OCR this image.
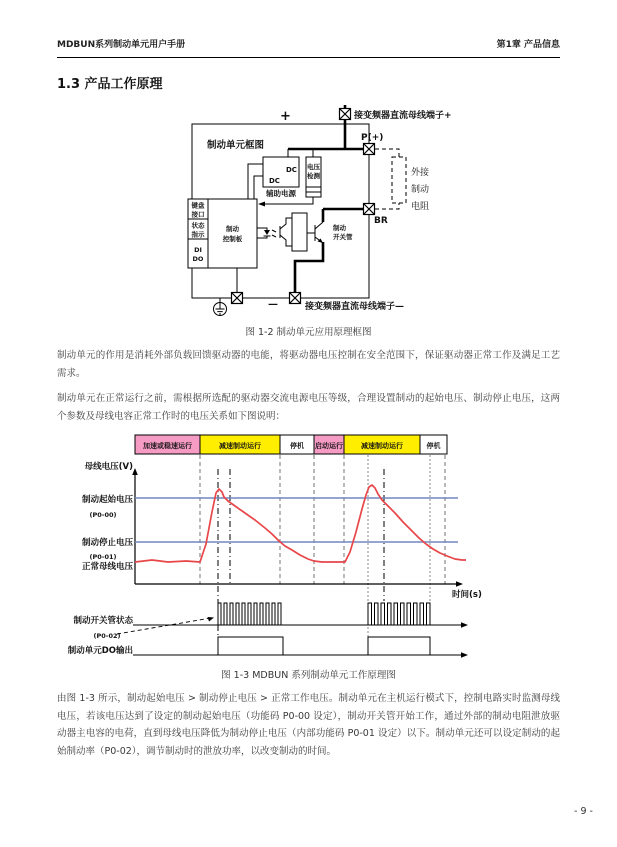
MDBUN系列制动单元用户手册	第1章 产品信息
1.3 产品工作原理
制动单元框图
DC
DC
辅助电源
电压
检测
键盘
接口
状态
指示
DI
DO
制动
控制板
制动
开关管
+	接变频器直流母线端子+
P(+)
BR
—	接变频器直流母线端子—
外接
制动
电阻
图 1-2 制动单元应用原理框图
制动单元的作用是消耗外部负载回馈驱动器的电能，将驱动器电压控制在安全范围下，保证驱动器正常工作及满足工艺需求。
制动单元在正常运行之前，需根据所选配的驱动器交流电源电压等级，合理设置制动的起始电压、制动停止电压，这两个参数及母线电容正常工作时的电压关系如下图说明：
加速或稳速运行	减速制动运行	停机 启动运行	减速制动运行	停机
母线电压(V)
制动起始电压
(P0-00)
制动停止电压
(P0-01)
正常母线电压
时间(s)
制动开关管状态
(P0-02)
制动单元DO输出
图 1-3 MDBUN 系列制动单元工作原理图
由图 1-3 所示，制动起始电压 > 制动停止电压 > 正常工作电压。制动单元在主机运行模式下，控制电路实时监测母线电压，若该电压达到了设定的制动起始电压（功能码 P0-00 设定），制动开关管开始工作，通过外部的制动电阻泄放驱动器主电容的电荷，直到母线电压降低为制动停止电压（内部功能码 P0-01 设定）以下。制动单元还可以设定制动的起始制动率（P0-02），调节制动时的泄放功率，以改变制动的时间。
- 9 -
